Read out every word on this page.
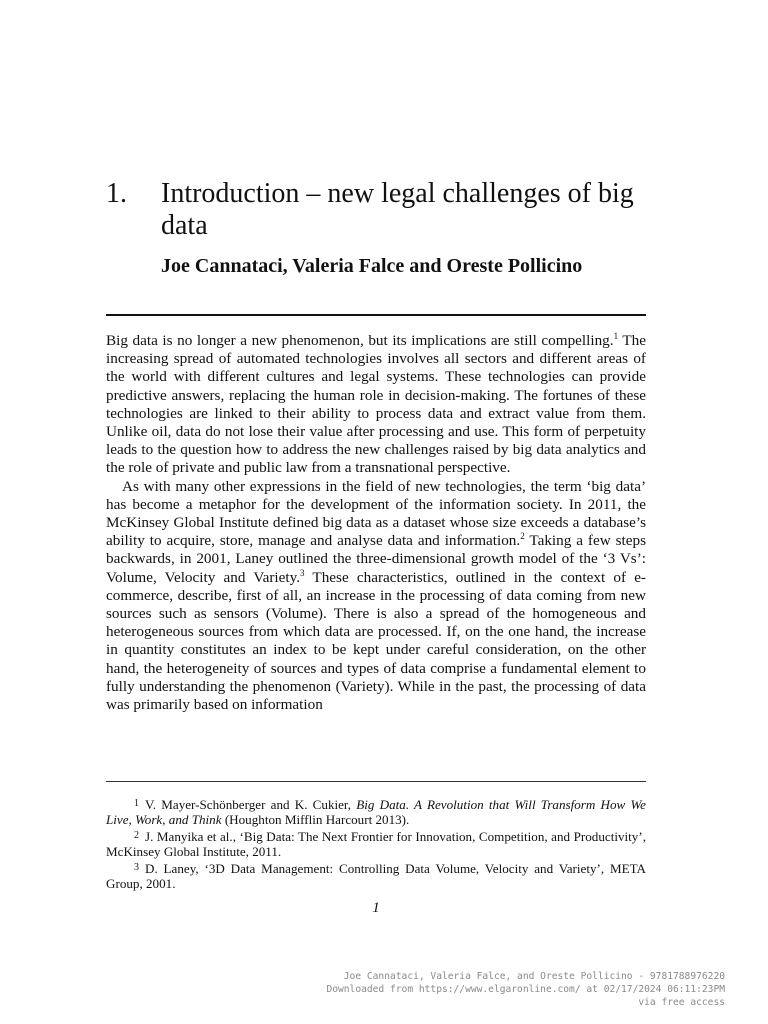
1. Introduction – new legal challenges of big data

Joe Cannataci, Valeria Falce and Oreste Pollicino

Big data is no longer a new phenomenon, but its implications are still compelling.$^1$ The increasing spread of automated technologies involves all sectors and different areas of the world with different cultures and legal systems. These technologies can provide predictive answers, replacing the human role in decision-making. The fortunes of these technologies are linked to their ability to process data and extract value from them. Unlike oil, data do not lose their value after processing and use. This form of perpetuity leads to the question how to address the new challenges raised by big data analytics and the role of private and public law from a transnational perspective.

As with many other expressions in the field of new technologies, the term ‘big data’ has become a metaphor for the development of the information society. In 2011, the McKinsey Global Institute defined big data as a dataset whose size exceeds a database’s ability to acquire, store, manage and analyse data and information.$^2$ Taking a few steps backwards, in 2001, Laney outlined the three-dimensional growth model of the ‘3 Vs’: Volume, Velocity and Variety.$^3$ These characteristics, outlined in the context of e-commerce, describe, first of all, an increase in the processing of data coming from new sources such as sensors (Volume). There is also a spread of the homogeneous and heterogeneous sources from which data are processed. If, on the one hand, the increase in quantity constitutes an index to be kept under careful consideration, on the other hand, the heterogeneity of sources and types of data comprise a fundamental element to fully understanding the phenomenon (Variety). While in the past, the processing of data was primarily based on information

1 V. Mayer-Schönberger and K. Cukier, Big Data. A Revolution that Will Transform How We Live, Work, and Think (Houghton Mifflin Harcourt 2013).

2 J. Manyika et al., ‘Big Data: The Next Frontier for Innovation, Competition, and Productivity’, McKinsey Global Institute, 2011.

3 D. Laney, ‘3D Data Management: Controlling Data Volume, Velocity and Variety’, META Group, 2001.

1
Joe Cannataci, Valeria Falce, and Oreste Pollicino - 9781788976220
Downloaded from https://www.elgaronline.com/ at 02/17/2024 06:11:23PM
via free access
